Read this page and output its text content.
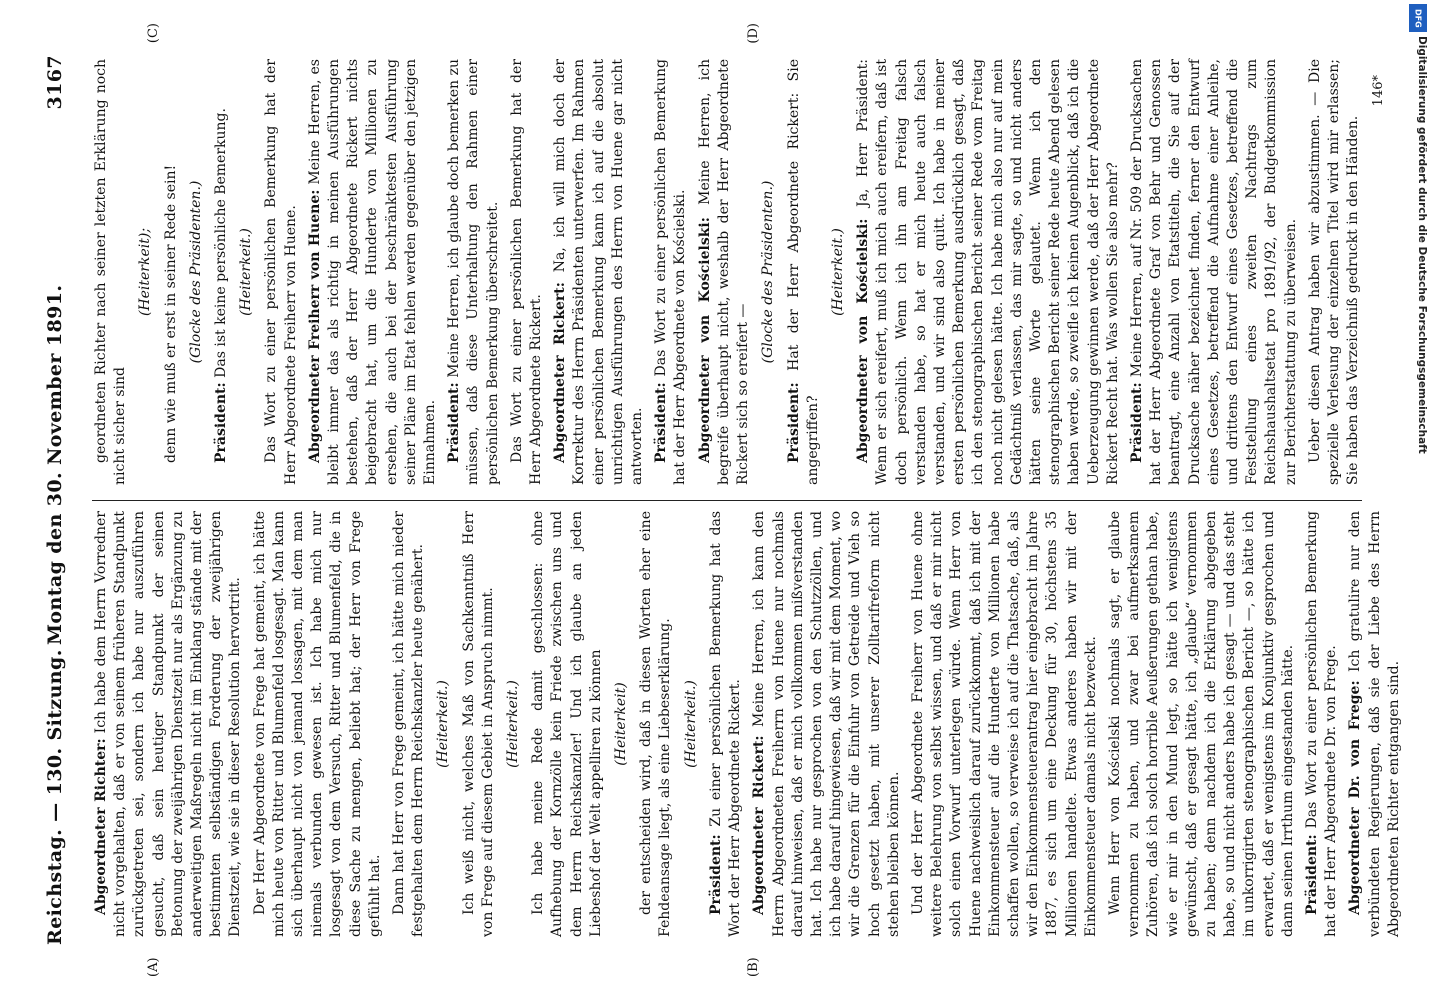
DFG
Digitalisierung gefördert durch die Deutsche Forschungsgemeinschaft
Reichstag. — 130. Sitzung.
Montag den 30. November 1891.
3167
(A)	(B)
(C)	(D)

Abgeordneter Richter: Ich habe dem Herrn Vorredner nicht vorgehalten, daß er von seinem früheren Standpunkt zurückgetreten sei, sondern ich habe nur auszuführen gesucht, daß sein heutiger Standpunkt der seinen Betonung der zweijährigen Dienstzeit nur als Ergänzung zu anderweitigen Maßregeln nicht im Einklang stände mit der bestimmten selbständigen Forderung der zweijährigen Dienstzeit, wie sie in dieser Resolution hervortritt. Der Herr Abgeordnete von Frege hat gemeint, ich hätte mich heute von Ritter und Blumenfeld losgesagt. Man kann sich überhaupt nicht von jemand lossagen, mit dem man niemals verbunden gewesen ist. Ich habe mich nur losgesagt von dem Versuch, Ritter und Blumenfeld, die in diese Sache zu mengen, beliebt hat; der Herr von Frege gefühlt hat. Dann hat Herr von Frege gemeint, ich hätte mich nieder festgehalten dem Herrn Reichskanzler heute genähert. (Heiterkeit.) Ich weiß nicht, welches Maß von Sachkenntniß Herr von Frege auf diesem Gebiet in Anspruch nimmt. (Heiterkeit.) Ich habe meine Rede damit geschlossen: ohne Aufhebung der Kornzölle kein Friede zwischen uns und dem Herrn Reichskanzler! Und ich glaube an jeden Liebeshof der Welt appelliren zu können (Heiterkeit) der entscheiden wird, daß in diesen Worten eher eine Fehdeansage liegt, als eine Liebeserklärung. (Heiterkeit.)

Präsident: Zu einer persönlichen Bemerkung hat das Wort der Herr Abgeordnete Rickert. Abgeordneter Rickert: Meine Herren, ich kann den Herrn Abgeordneten Freiherrn von Huene nur nochmals darauf hinweisen, daß er mich vollkommen mißverstanden hat. Ich habe nur gesprochen von den Schutzzöllen, und ich habe darauf hingewiesen, daß wir mit dem Moment, wo wir die Grenzen für die Einfuhr von Getreide und Vieh so hoch gesetzt haben, mit unserer Zolltarifreform nicht stehen bleiben können. Und der Herr Abgeordnete Freiherr von Huene ohne weitere Belehrung von selbst wissen, und daß er mir nicht solch einen Vorwurf unterlegen würde. Wenn Herr von Huene nachweislich darauf zurückkommt, daß ich mit der Einkommensteuer auf die Hunderte von Millionen habe schaffen wollen, so verweise ich auf die Thatsache, daß, als wir den Einkommensteuerantrag hier eingebracht im Jahre 1887, es sich um eine Deckung für 30, höchstens 35 Millionen handelte. Etwas anderes haben wir mit der Einkommensteuer damals nicht bezweckt. Wenn Herr von Kościelski nochmals sagt, er glaube vernommen zu haben, und zwar bei aufmerksamem Zuhören, daß ich solch horrible Aeußerungen gethan habe, wie er mir in den Mund legt, so hätte ich wenigstens gewünscht, daß er gesagt hätte, ich „glaube“ vernommen zu haben; denn nachdem ich die Erklärung abgegeben habe, so und nicht anders habe ich gesagt — und das steht im unkorrigirten stenographischen Bericht —, so hätte ich erwartet, daß er wenigstens im Konjunktiv gesprochen und dann seinen Irrthum eingestanden hätte. Präsident: Das Wort zu einer persönlichen Bemerkung hat der Herr Abgeordnete Dr. von Frege. Abgeordneter Dr. von Frege: Ich gratulire nur den verbündeten Regierungen, daß sie der Liebe des Herrn Abgeordneten Richter entgangen sind.

geordneten Richter nach seiner letzten Erklärung noch nicht sicher sind

(Heiterkeit); denn wie muß er erst in seiner Rede sein! (Glocke des Präsidenten.)

Präsident: Das ist keine persönliche Bemerkung. (Heiterkeit.) Das Wort zu einer persönlichen Bemerkung hat der Herr Abgeordnete Freiherr von Huene. Abgeordneter Freiherr von Huene: Meine Herren, es bleibt immer das als richtig in meinen Ausführungen bestehen, daß der Herr Abgeordnete Rickert nichts beigebracht hat, um die Hunderte von Millionen zu ersehen, die auch bei der beschränktesten Ausführung seiner Pläne im Etat fehlen werden gegenüber den jetzigen Einnahmen. Präsident: Meine Herren, ich glaube doch bemerken zu müssen, daß diese Unterhaltung den Rahmen einer persönlichen Bemerkung überschreitet. Das Wort zu einer persönlichen Bemerkung hat der Herr Abgeordnete Rickert. Abgeordneter Rickert: Na, ich will mich doch der Korrektur des Herrn Präsidenten unterwerfen. Im Rahmen einer persönlichen Bemerkung kann ich auf die absolut unrichtigen Ausführungen des Herrn von Huene gar nicht antworten. Präsident: Das Wort zu einer persönlichen Bemerkung hat der Herr Abgeordnete von Kościelski. Abgeordneter von Kościelski: Meine Herren, ich begreife überhaupt nicht, weshalb der Herr Abgeordnete Rickert sich so ereifert —

(Glocke des Präsidenten.)

Präsident: Hat der Herr Abgeordnete Rickert: Sie angegriffen?

(Heiterkeit.) Abgeordneter von Kościelski: Ja, Herr Präsident: Wenn er sich ereifert, muß ich mich auch ereifern, daß ist doch persönlich. Wenn ich ihn am Freitag falsch verstanden habe, so hat er mich heute auch falsch verstanden, und wir sind also quitt. Ich habe in meiner ersten persönlichen Bemerkung ausdrücklich gesagt, daß ich den stenographischen Bericht seiner Rede vom Freitag noch nicht gelesen hätte. Ich habe mich also nur auf mein Gedächtniß verlassen, das mir sagte, so und nicht anders hätten seine Worte gelautet. Wenn ich den stenographischen Bericht seiner Rede heute Abend gelesen haben werde, so zweifle ich keinen Augenblick, daß ich die Ueberzeugung gewinnen werde, daß der Herr Abgeordnete Rickert Recht hat. Was wollen Sie also mehr? Präsident: Meine Herren, auf Nr. 509 der Drucksachen hat der Herr Abgeordnete Graf von Behr und Genossen beantragt, eine Anzahl von Etatstiteln, die Sie auf der Drucksache näher bezeichnet finden, ferner den Entwurf eines Gesetzes, betreffend die Aufnahme einer Anleihe, und drittens den Entwurf eines Gesetzes, betreffend die Feststellung eines zweiten Nachtrags zum Reichshaushaltsetat pro 1891/92, der Budgetkommission zur Berichterstattung zu überweisen. Ueber diesen Antrag haben wir abzustimmen. — Die spezielle Verlesung der einzelnen Titel wird mir erlassen; Sie haben das Verzeichniß gedruckt in den Händen.

146*
